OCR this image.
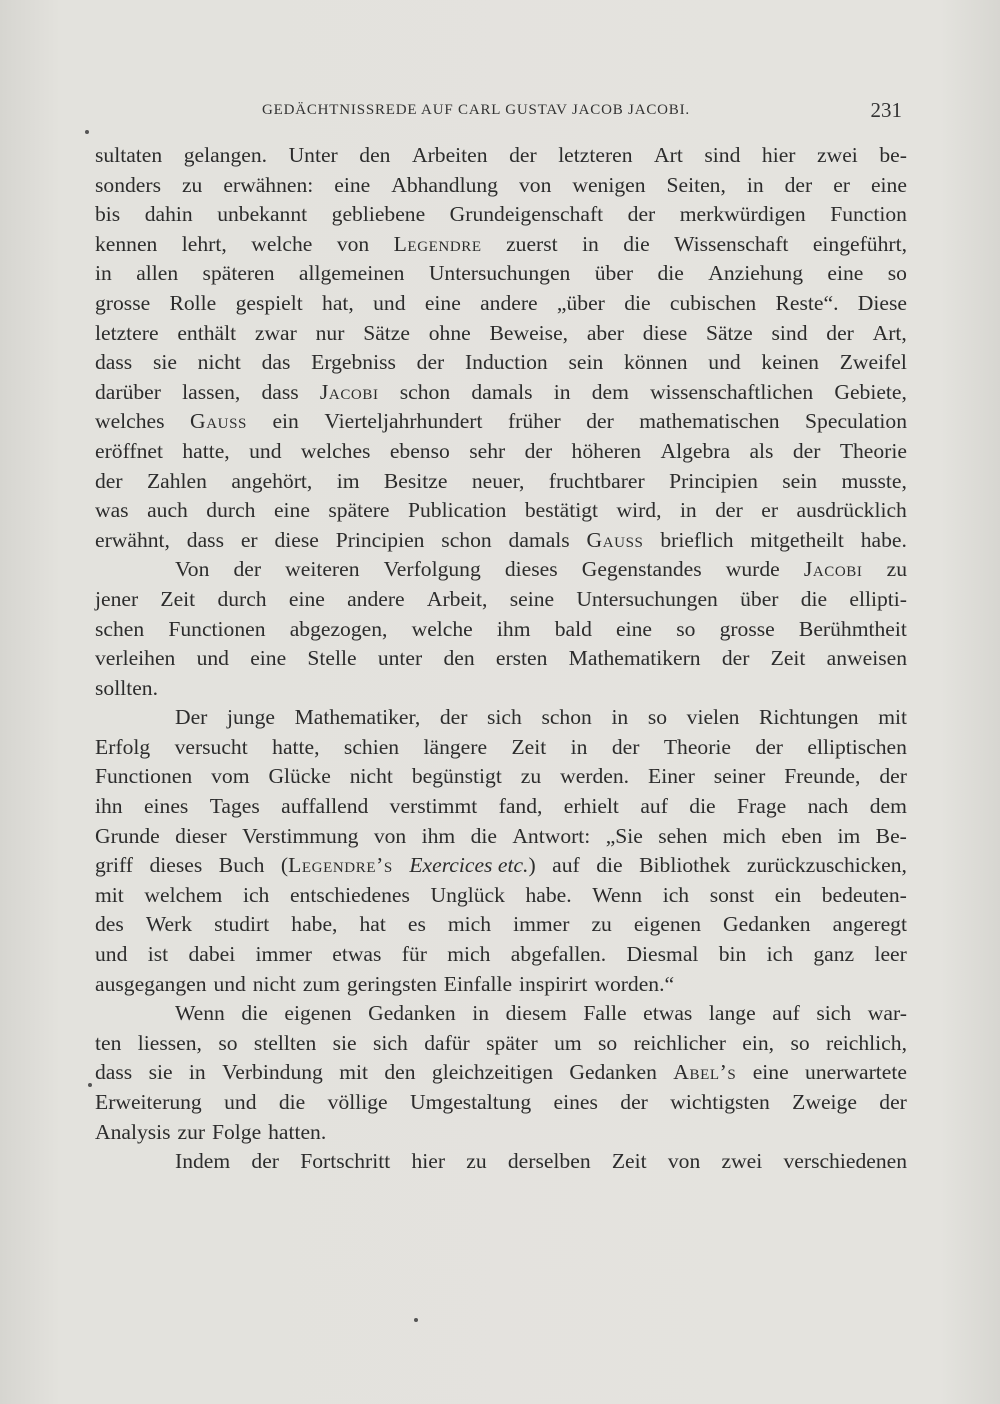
GEDÄCHTNISSREDE AUF CARL GUSTAV JACOB JACOBI.	231
sultaten gelangen. Unter den Arbeiten der letzteren Art sind hier zwei be-
sonders zu erwähnen: eine Abhandlung von wenigen Seiten, in der er eine
bis dahin unbekannt gebliebene Grundeigenschaft der merkwürdigen Function
kennen lehrt, welche von Legendre zuerst in die Wissenschaft eingeführt,
in allen späteren allgemeinen Untersuchungen über die Anziehung eine so
grosse Rolle gespielt hat, und eine andere „über die cubischen Reste“. Diese
letztere enthält zwar nur Sätze ohne Beweise, aber diese Sätze sind der Art,
dass sie nicht das Ergebniss der Induction sein können und keinen Zweifel
darüber lassen, dass Jacobi schon damals in dem wissenschaftlichen Gebiete,
welches Gauss ein Vierteljahrhundert früher der mathematischen Speculation
eröffnet hatte, und welches ebenso sehr der höheren Algebra als der Theorie
der Zahlen angehört, im Besitze neuer, fruchtbarer Principien sein musste,
was auch durch eine spätere Publication bestätigt wird, in der er ausdrücklich
erwähnt, dass er diese Principien schon damals Gauss brieflich mitgetheilt habe.
Von der weiteren Verfolgung dieses Gegenstandes wurde Jacobi zu
jener Zeit durch eine andere Arbeit, seine Untersuchungen über die ellipti-
schen Functionen abgezogen, welche ihm bald eine so grosse Berühmtheit
verleihen und eine Stelle unter den ersten Mathematikern der Zeit anweisen
sollten.
Der junge Mathematiker, der sich schon in so vielen Richtungen mit
Erfolg versucht hatte, schien längere Zeit in der Theorie der elliptischen
Functionen vom Glücke nicht begünstigt zu werden. Einer seiner Freunde, der
ihn eines Tages auffallend verstimmt fand, erhielt auf die Frage nach dem
Grunde dieser Verstimmung von ihm die Antwort: „Sie sehen mich eben im Be-
griff dieses Buch (Legendre’s Exercices etc.) auf die Bibliothek zurückzuschicken,
mit welchem ich entschiedenes Unglück habe. Wenn ich sonst ein bedeuten-
des Werk studirt habe, hat es mich immer zu eigenen Gedanken angeregt
und ist dabei immer etwas für mich abgefallen. Diesmal bin ich ganz leer
ausgegangen und nicht zum geringsten Einfalle inspirirt worden.“
Wenn die eigenen Gedanken in diesem Falle etwas lange auf sich war-
ten liessen, so stellten sie sich dafür später um so reichlicher ein, so reichlich,
dass sie in Verbindung mit den gleichzeitigen Gedanken Abel’s eine unerwartete
Erweiterung und die völlige Umgestaltung eines der wichtigsten Zweige der
Analysis zur Folge hatten.
Indem der Fortschritt hier zu derselben Zeit von zwei verschiedenen
